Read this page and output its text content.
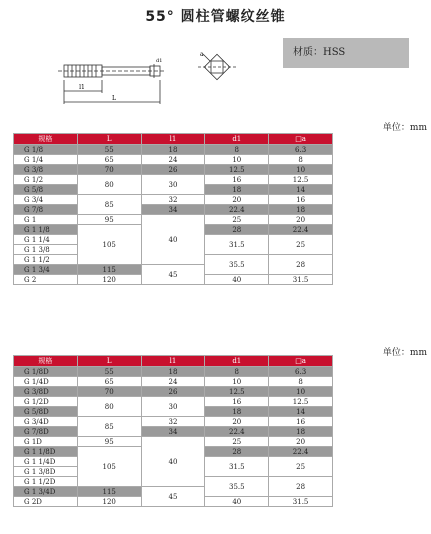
55° 圆柱管螺纹丝锥
l1
L
d1
a	材质：HSS
单位：mm
单位：mm
规格	L	l1	d1	□a
G 1/8	55	18	8	6.3
G 1/4	65	24	10	8
G 3/8	70	26	12.5	10
G 1/2	80	30	16	12.5
G 5/8			18	14
G 3/4	85	32	20	16
G 7/8		34	22.4	18
G 1	95	40	25	20
G 1 1/8	105		28	22.4
G 1 1/4			31.5	25
G 1 3/8				
G 1 1/2			35.5	28
G 1 3/4	115	45		
G 2	120		40	31.5
规格	L	l1	d1	□a
G 1/8D	55	18	8	6.3
G 1/4D	65	24	10	8
G 3/8D	70	26	12.5	10
G 1/2D	80	30	16	12.5
G 5/8D			18	14
G 3/4D	85	32	20	16
G 7/8D		34	22.4	18
G 1D	95	40	25	20
G 1 1/8D	105		28	22.4
G 1 1/4D			31.5	25
G 1 3/8D				
G 1 1/2D			35.5	28
G 1 3/4D	115	45		
G 2D	120		40	31.5
